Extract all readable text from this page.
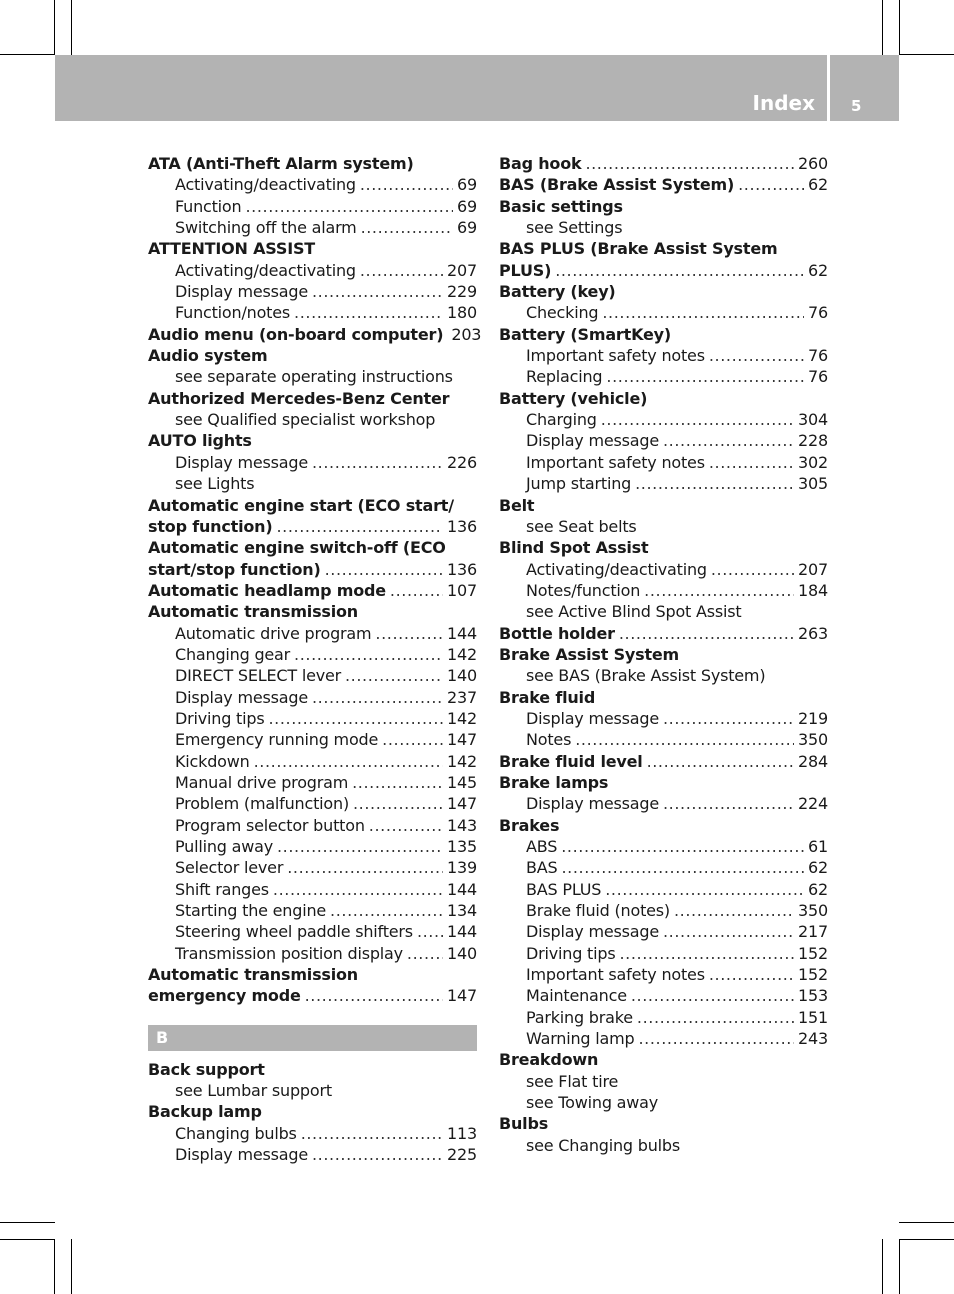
Index 5
ATA (Anti-Theft Alarm system)
Activating/deactivating .....	69
Function .....	69
Switching off the alarm .....	69
ATTENTION ASSIST
Activating/deactivating .....	207
Display message .....	229
Function/notes .....	180
Audio menu (on-board computer) 203
Audio system
see separate operating instructions
Authorized Mercedes-Benz Center
see Qualified specialist workshop
AUTO lights
Display message .....	226
see Lights
Automatic engine start (ECO start/
stop function) .....	136
Automatic engine switch-off (ECO
start/stop function) .....	136
Automatic headlamp mode .....	107
Automatic transmission
Automatic drive program .....	144
Changing gear .....	142
DIRECT SELECT lever .....	140
Display message .....	237
Driving tips .....	142
Emergency running mode .....	147
Kickdown .....	142
Manual drive program .....	145
Problem (malfunction) .....	147
Program selector button .....	143
Pulling away .....	135
Selector lever .....	139
Shift ranges .....	144
Starting the engine .....	134
Steering wheel paddle shifters ..... 144
Transmission position display .....	140
Automatic transmission
emergency mode .....	147
B
Back support
see Lumbar support
Backup lamp
Changing bulbs .....	113
Display message .....	225
Bag hook .....	260
BAS (Brake Assist System) .....	62
Basic settings
see Settings
BAS PLUS (Brake Assist System
PLUS) .....	62
Battery (key)
Checking .....	76
Battery (SmartKey)
Important safety notes .....	76
Replacing .....	76
Battery (vehicle)
Charging .....	304
Display message .....	228
Important safety notes .....	302
Jump starting .....	305
Belt
see Seat belts
Blind Spot Assist
Activating/deactivating .....	207
Notes/function .....	184
see Active Blind Spot Assist
Bottle holder .....	263
Brake Assist System
see BAS (Brake Assist System)
Brake fluid
Display message .....	219
Notes .....	350
Brake fluid level .....	284
Brake lamps
Display message .....	224
Brakes
ABS .....	61
BAS .....	62
BAS PLUS .....	62
Brake fluid (notes) .....	350
Display message .....	217
Driving tips .....	152
Important safety notes .....	152
Maintenance .....	153
Parking brake .....	151
Warning lamp .....	243
Breakdown
see Flat tire
see Towing away
Bulbs
see Changing bulbs
